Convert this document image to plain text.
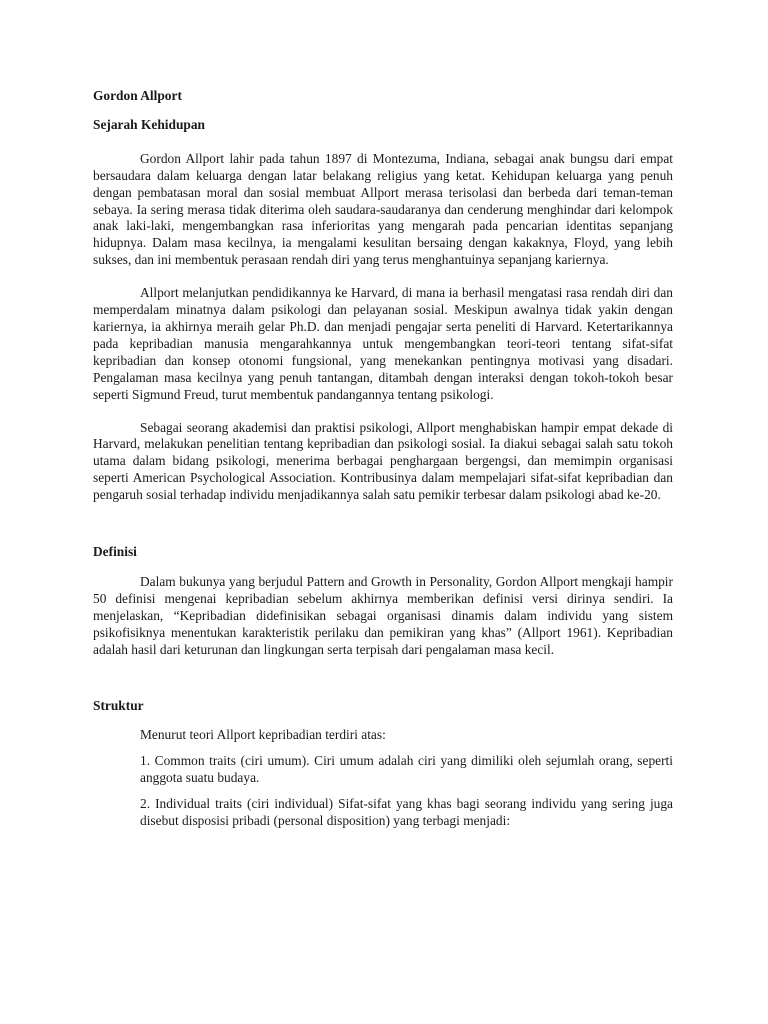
Gordon Allport

Sejarah Kehidupan

Gordon Allport lahir pada tahun 1897 di Montezuma, Indiana, sebagai anak bungsu dari empat bersaudara dalam keluarga dengan latar belakang religius yang ketat. Kehidupan keluarga yang penuh dengan pembatasan moral dan sosial membuat Allport merasa terisolasi dan berbeda dari teman-teman sebaya. Ia sering merasa tidak diterima oleh saudara-saudaranya dan cenderung menghindar dari kelompok anak laki-laki, mengembangkan rasa inferioritas yang mengarah pada pencarian identitas sepanjang hidupnya. Dalam masa kecilnya, ia mengalami kesulitan bersaing dengan kakaknya, Floyd, yang lebih sukses, dan ini membentuk perasaan rendah diri yang terus menghantuinya sepanjang kariernya.

Allport melanjutkan pendidikannya ke Harvard, di mana ia berhasil mengatasi rasa rendah diri dan memperdalam minatnya dalam psikologi dan pelayanan sosial. Meskipun awalnya tidak yakin dengan kariernya, ia akhirnya meraih gelar Ph.D. dan menjadi pengajar serta peneliti di Harvard. Ketertarikannya pada kepribadian manusia mengarahkannya untuk mengembangkan teori-teori tentang sifat-sifat kepribadian dan konsep otonomi fungsional, yang menekankan pentingnya motivasi yang disadari. Pengalaman masa kecilnya yang penuh tantangan, ditambah dengan interaksi dengan tokoh-tokoh besar seperti Sigmund Freud, turut membentuk pandangannya tentang psikologi.

Sebagai seorang akademisi dan praktisi psikologi, Allport menghabiskan hampir empat dekade di Harvard, melakukan penelitian tentang kepribadian dan psikologi sosial. Ia diakui sebagai salah satu tokoh utama dalam bidang psikologi, menerima berbagai penghargaan bergengsi, dan memimpin organisasi seperti American Psychological Association. Kontribusinya dalam mempelajari sifat-sifat kepribadian dan pengaruh sosial terhadap individu menjadikannya salah satu pemikir terbesar dalam psikologi abad ke-20.

Definisi

Dalam bukunya yang berjudul Pattern and Growth in Personality, Gordon Allport mengkaji hampir 50 definisi mengenai kepribadian sebelum akhirnya memberikan definisi versi dirinya sendiri. Ia menjelaskan, “Kepribadian didefinisikan sebagai organisasi dinamis dalam individu yang sistem psikofisiknya menentukan karakteristik perilaku dan pemikiran yang khas” (Allport 1961). Kepribadian adalah hasil dari keturunan dan lingkungan serta terpisah dari pengalaman masa kecil.

Struktur

Menurut teori Allport kepribadian terdiri atas:

1. Common traits (ciri umum). Ciri umum adalah ciri yang dimiliki oleh sejumlah orang, seperti anggota suatu budaya.

2. Individual traits (ciri individual) Sifat-sifat yang khas bagi seorang individu yang sering juga disebut disposisi pribadi (personal disposition) yang terbagi menjadi:
